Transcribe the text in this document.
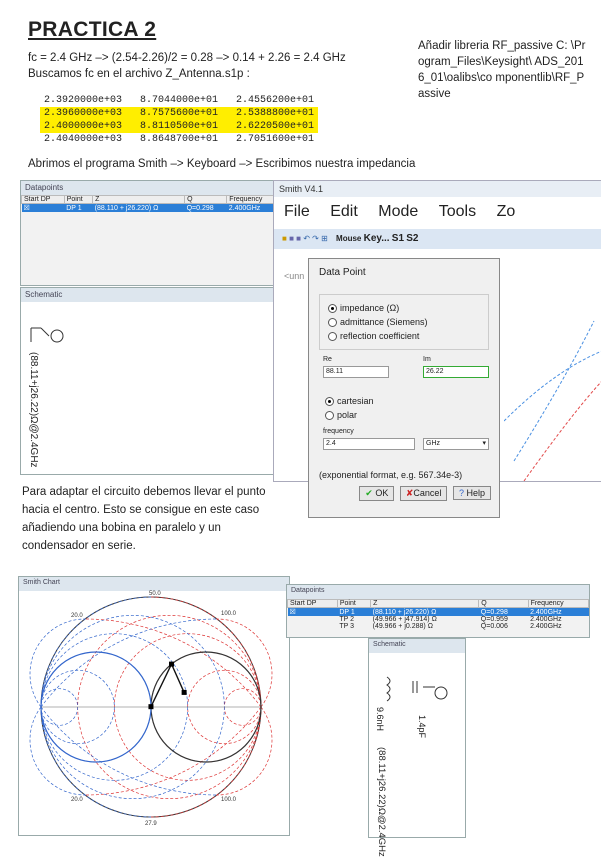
PRACTICA 2
fc = 2.4 GHz –> (2.54-2.26)/2 = 0.28 –> 0.14 + 2.26 = 2.4 GHz
Buscamos fc en el archivo Z_Antenna.s1p :
Añadir libreria RF_passive C: \Program_Files\Keysight\ ADS_2016_01\oalibs\co mponentlib\RF_Passive
2.3920000e+03   8.7044000e+01   2.4556200e+01
2.3960000e+03   8.7575600e+01   2.5388800e+01
2.4000000e+03   8.8110500e+01   2.6220500e+01
2.4040000e+03   8.8648700e+01   2.7051600e+01
Abrimos el programa Smith –> Keyboard –> Escribimos nuestra impedancia
Datapoints
Start DP	Point	Z	Q	Frequency
☒	DP 1	(88.110 + j26.220) Ω	Q=0.298	2.400GHz
Schematic
(88.11+j26.22)Ω@2.4GHz
Smith V4.1
File Edit Mode Tools Zo
■ ■ ■ ↶ ↷ ⊞ Mouse Key... S1 S2
<unn	Data Point
impedance (Ω)
admittance (Siemens)
reflection coefficient
Re
88.11
Im
26.22
cartesian
polar
frequency
2.4	GHz	▾
(exponential format, e.g. 567.34e-3)
✔ OK ✘Cancel ? Help
Para adaptar el circuito debemos llevar el punto hacia el centro. Esto se consigue en este caso añadiendo una bobina en paralelo y un condensador en serie.
Smith Chart
50.0
20.0	100.0
27.9
20.0	100.0
Datapoints
Start DP	Point	Z	Q	Frequency
☒	DP 1	(88.110 + j26.220) Ω	Q=0.298	2.400GHz
	TP 2	(49.966 + j47.914) Ω	Q=0.959	2.400GHz
	TP 3	(49.966 + j0.288) Ω	Q=0.006	2.400GHz
Schematic
9.6nH	1.4pF
(88.11+j26.22)Ω@2.4GHz
